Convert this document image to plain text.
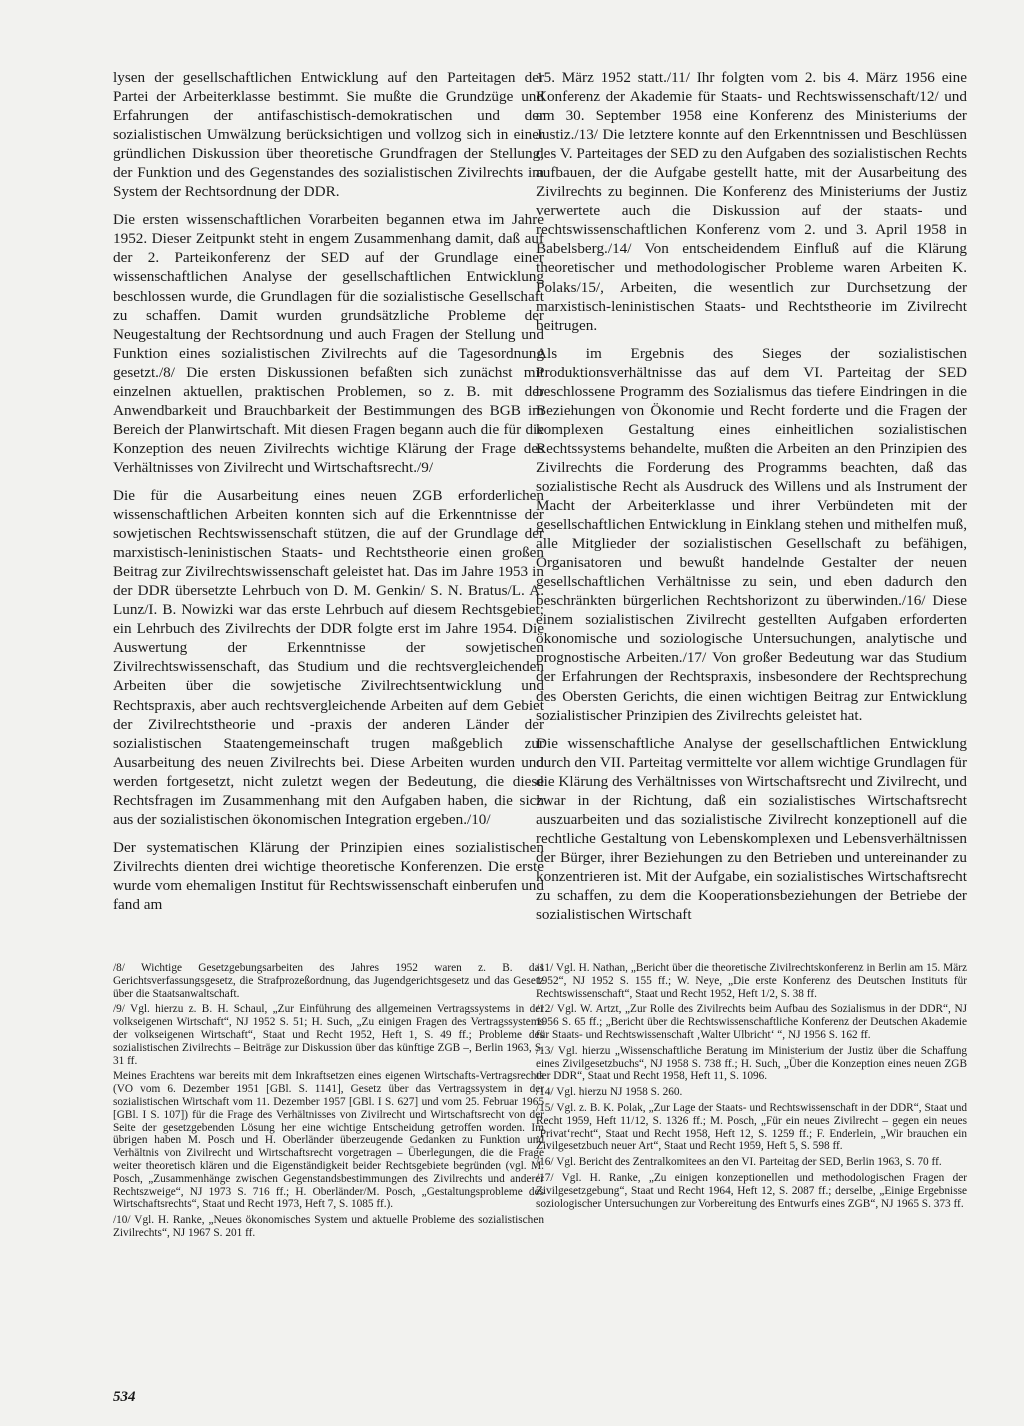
lysen der gesellschaftlichen Entwicklung auf den Parteitagen der Partei der Arbeiterklasse bestimmt. Sie mußte die Grundzüge und Erfahrungen der antifaschistisch-demokratischen und der sozialistischen Umwälzung berücksichtigen und vollzog sich in einer gründlichen Diskussion über theoretische Grundfragen der Stellung, der Funktion und des Gegenstandes des sozialistischen Zivilrechts im System der Rechtsordnung der DDR.

Die ersten wissenschaftlichen Vorarbeiten begannen etwa im Jahre 1952. Dieser Zeitpunkt steht in engem Zusammenhang damit, daß auf der 2. Parteikonferenz der SED auf der Grundlage einer wissenschaftlichen Analyse der gesellschaftlichen Entwicklung beschlossen wurde, die Grundlagen für die sozialistische Gesellschaft zu schaffen. Damit wurden grundsätzliche Probleme der Neugestaltung der Rechtsordnung und auch Fragen der Stellung und Funktion eines sozialistischen Zivilrechts auf die Tagesordnung gesetzt./8/ Die ersten Diskussionen befaßten sich zunächst mit einzelnen aktuellen, praktischen Problemen, so z. B. mit der Anwendbarkeit und Brauchbarkeit der Bestimmungen des BGB im Bereich der Planwirtschaft. Mit diesen Fragen begann auch die für die Konzeption des neuen Zivilrechts wichtige Klärung der Frage des Verhältnisses von Zivilrecht und Wirtschaftsrecht./9/

Die für die Ausarbeitung eines neuen ZGB erforderlichen wissenschaftlichen Arbeiten konnten sich auf die Erkenntnisse der sowjetischen Rechtswissenschaft stützen, die auf der Grundlage der marxistisch-leninistischen Staats- und Rechtstheorie einen großen Beitrag zur Zivilrechtswissenschaft geleistet hat. Das im Jahre 1953 in der DDR übersetzte Lehrbuch von D. M. Genkin/ S. N. Bratus/L. A. Lunz/I. B. Nowizki war das erste Lehrbuch auf diesem Rechtsgebiet; ein Lehrbuch des Zivilrechts der DDR folgte erst im Jahre 1954. Die Auswertung der Erkenntnisse der sowjetischen Zivilrechtswissenschaft, das Studium und die rechtsvergleichenden Arbeiten über die sowjetische Zivilrechtsentwicklung und Rechtspraxis, aber auch rechtsvergleichende Arbeiten auf dem Gebiet der Zivilrechtstheorie und -praxis der anderen Länder der sozialistischen Staatengemeinschaft trugen maßgeblich zur Ausarbeitung des neuen Zivilrechts bei. Diese Arbeiten wurden und werden fortgesetzt, nicht zuletzt wegen der Bedeutung, die diese Rechtsfragen im Zusammenhang mit den Aufgaben haben, die sich aus der sozialistischen ökonomischen Integration ergeben./10/

Der systematischen Klärung der Prinzipien eines sozialistischen Zivilrechts dienten drei wichtige theoretische Konferenzen. Die erste wurde vom ehemaligen Institut für Rechtswissenschaft einberufen und fand am

15. März 1952 statt./11/ Ihr folgten vom 2. bis 4. März 1956 eine Konferenz der Akademie für Staats- und Rechtswissenschaft/12/ und am 30. September 1958 eine Konferenz des Ministeriums der Justiz./13/ Die letztere konnte auf den Erkenntnissen und Beschlüssen des V. Parteitages der SED zu den Aufgaben des sozialistischen Rechts aufbauen, der die Aufgabe gestellt hatte, mit der Ausarbeitung des Zivilrechts zu beginnen. Die Konferenz des Ministeriums der Justiz verwertete auch die Diskussion auf der staats- und rechtswissenschaftlichen Konferenz vom 2. und 3. April 1958 in Babelsberg./14/ Von entscheidendem Einfluß auf die Klärung theoretischer und methodologischer Probleme waren Arbeiten K. Polaks/15/, Arbeiten, die wesentlich zur Durchsetzung der marxistisch-leninistischen Staats- und Rechtstheorie im Zivilrecht beitrugen.

Als im Ergebnis des Sieges der sozialistischen Produktionsverhältnisse das auf dem VI. Parteitag der SED beschlossene Programm des Sozialismus das tiefere Eindringen in die Beziehungen von Ökonomie und Recht forderte und die Fragen der komplexen Gestaltung eines einheitlichen sozialistischen Rechtssystems behandelte, mußten die Arbeiten an den Prinzipien des Zivilrechts die Forderung des Programms beachten, daß das sozialistische Recht als Ausdruck des Willens und als Instrument der Macht der Arbeiterklasse und ihrer Verbündeten mit der gesellschaftlichen Entwicklung in Einklang stehen und mithelfen muß, alle Mitglieder der sozialistischen Gesellschaft zu befähigen, Organisatoren und bewußt handelnde Gestalter der neuen gesellschaftlichen Verhältnisse zu sein, und eben dadurch den beschränkten bürgerlichen Rechtshorizont zu überwinden./16/ Diese einem sozialistischen Zivilrecht gestellten Aufgaben erforderten ökonomische und soziologische Untersuchungen, analytische und prognostische Arbeiten./17/ Von großer Bedeutung war das Studium der Erfahrungen der Rechtspraxis, insbesondere der Rechtsprechung des Obersten Gerichts, die einen wichtigen Beitrag zur Entwicklung sozialistischer Prinzipien des Zivilrechts geleistet hat.

Die wissenschaftliche Analyse der gesellschaftlichen Entwicklung durch den VII. Parteitag vermittelte vor allem wichtige Grundlagen für die Klärung des Verhältnisses von Wirtschaftsrecht und Zivilrecht, und zwar in der Richtung, daß ein sozialistisches Wirtschaftsrecht auszuarbeiten und das sozialistische Zivilrecht konzeptionell auf die rechtliche Gestaltung von Lebenskomplexen und Lebensverhältnissen der Bürger, ihrer Beziehungen zu den Betrieben und untereinander zu konzentrieren ist. Mit der Aufgabe, ein sozialistisches Wirtschaftsrecht zu schaffen, zu dem die Kooperationsbeziehungen der Betriebe der sozialistischen Wirtschaft

/8/ Wichtige Gesetzgebungsarbeiten des Jahres 1952 waren z. B. das Gerichtsverfassungsgesetz, die Strafprozeßordnung, das Jugendgerichtsgesetz und das Gesetz über die Staatsanwaltschaft.

/9/ Vgl. hierzu z. B. H. Schaul, „Zur Einführung des allgemeinen Vertragssystems in der volkseigenen Wirtschaft“, NJ 1952 S. 51; H. Such, „Zu einigen Fragen des Vertragssystems der volkseigenen Wirtschaft“, Staat und Recht 1952, Heft 1, S. 49 ff.; Probleme des sozialistischen Zivilrechts – Beiträge zur Diskussion über das künftige ZGB –, Berlin 1963, S. 31 ff.

Meines Erachtens war bereits mit dem Inkraftsetzen eines eigenen Wirtschafts-Vertragsrechts (VO vom 6. Dezember 1951 [GBl. S. 1141], Gesetz über das Vertragssystem in der sozialistischen Wirtschaft vom 11. Dezember 1957 [GBl. I S. 627] und vom 25. Februar 1965 [GBl. I S. 107]) für die Frage des Verhältnisses von Zivilrecht und Wirtschaftsrecht von der Seite der gesetzgebenden Lösung her eine wichtige Entscheidung getroffen worden. Im übrigen haben M. Posch und H. Oberländer überzeugende Gedanken zu Funktion und Verhältnis von Zivilrecht und Wirtschaftsrecht vorgetragen – Überlegungen, die die Frage weiter theoretisch klären und die Eigenständigkeit beider Rechtsgebiete begründen (vgl. M. Posch, „Zusammenhänge zwischen Gegenstandsbestimmungen des Zivilrechts und anderer Rechtszweige“, NJ 1973 S. 716 ff.; H. Oberländer/M. Posch, „Gestaltungsprobleme des Wirtschaftsrechts“, Staat und Recht 1973, Heft 7, S. 1085 ff.).

/10/ Vgl. H. Ranke, „Neues ökonomisches System und aktuelle Probleme des sozialistischen Zivilrechts“, NJ 1967 S. 201 ff.

/11/ Vgl. H. Nathan, „Bericht über die theoretische Zivilrechtskonferenz in Berlin am 15. März 1952“, NJ 1952 S. 155 ff.; W. Neye, „Die erste Konferenz des Deutschen Instituts für Rechtswissenschaft“, Staat und Recht 1952, Heft 1/2, S. 38 ff.

/12/ Vgl. W. Artzt, „Zur Rolle des Zivilrechts beim Aufbau des Sozialismus in der DDR“, NJ 1956 S. 65 ff.; „Bericht über die Rechtswissenschaftliche Konferenz der Deutschen Akademie für Staats- und Rechtswissenschaft ‚Walter Ulbricht‘ “, NJ 1956 S. 162 ff.

/13/ Vgl. hierzu „Wissenschaftliche Beratung im Ministerium der Justiz über die Schaffung eines Zivilgesetzbuchs“, NJ 1958 S. 738 ff.; H. Such, „Über die Konzeption eines neuen ZGB der DDR“, Staat und Recht 1958, Heft 11, S. 1096.

/14/ Vgl. hierzu NJ 1958 S. 260.

/15/ Vgl. z. B. K. Polak, „Zur Lage der Staats- und Rechtswissenschaft in der DDR“, Staat und Recht 1959, Heft 11/12, S. 1326 ff.; M. Posch, „Für ein neues Zivilrecht – gegen ein neues ‚Privat‘recht“, Staat und Recht 1958, Heft 12, S. 1259 ff.; F. Enderlein, „Wir brauchen ein Zivilgesetzbuch neuer Art“, Staat und Recht 1959, Heft 5, S. 598 ff.

/16/ Vgl. Bericht des Zentralkomitees an den VI. Parteitag der SED, Berlin 1963, S. 70 ff.

/17/ Vgl. H. Ranke, „Zu einigen konzeptionellen und methodologischen Fragen der Zivilgesetzgebung“, Staat und Recht 1964, Heft 12, S. 2087 ff.; derselbe, „Einige Ergebnisse soziologischer Untersuchungen zur Vorbereitung des Entwurfs eines ZGB“, NJ 1965 S. 373 ff.

534
